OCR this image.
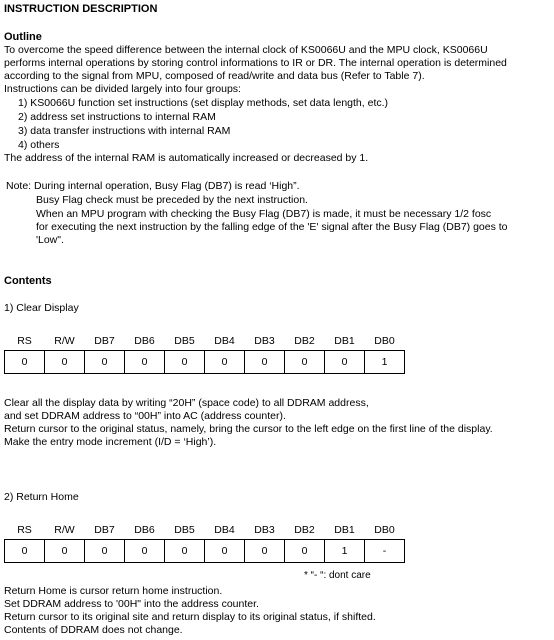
INSTRUCTION DESCRIPTION
Outline
To overcome the speed difference between the internal clock of KS0066U and the MPU clock, KS0066U
performs internal operations by storing control informations to IR or DR. The internal operation is determined
according to the signal from MPU, composed of read/write and data bus (Refer to Table 7).
Instructions can be divided largely into four groups:
1) KS0066U function set instructions (set display methods, set data length, etc.)
2) address set instructions to internal RAM
3) data transfer instructions with internal RAM
4) others
The address of the internal RAM is automatically increased or decreased by 1.
Note: During internal operation, Busy Flag (DB7) is read ‘High”.
Busy Flag check must be preceded by the next instruction.
When an MPU program with checking the Busy Flag (DB7) is made, it must be necessary 1/2 fosc
for executing the next instruction by the falling edge of the 'E' signal after the Busy Flag (DB7) goes to
'Low".
Contents
1) Clear Display
RS	R/W	DB7	DB6	DB5	DB4	DB3	DB2	DB1	DB0
0	0	0	0	0	0	0	0	0	1
Clear all the display data by writing “20H” (space code) to all DDRAM address,
and set DDRAM address to “00H” into AC (address counter).
Return cursor to the original status, namely, bring the cursor to the left edge on the first line of the display.
Make the entry mode increment (I/D = ‘High’).
2) Return Home
RS	R/W	DB7	DB6	DB5	DB4	DB3	DB2	DB1	DB0
0	0	0	0	0	0	0	0	1	-
* “- “: dont care
Return Home is cursor return home instruction.
Set DDRAM address to '00H" into the address counter.
Return cursor to its original site and return display to its original status, if shifted.
Contents of DDRAM does not change.
